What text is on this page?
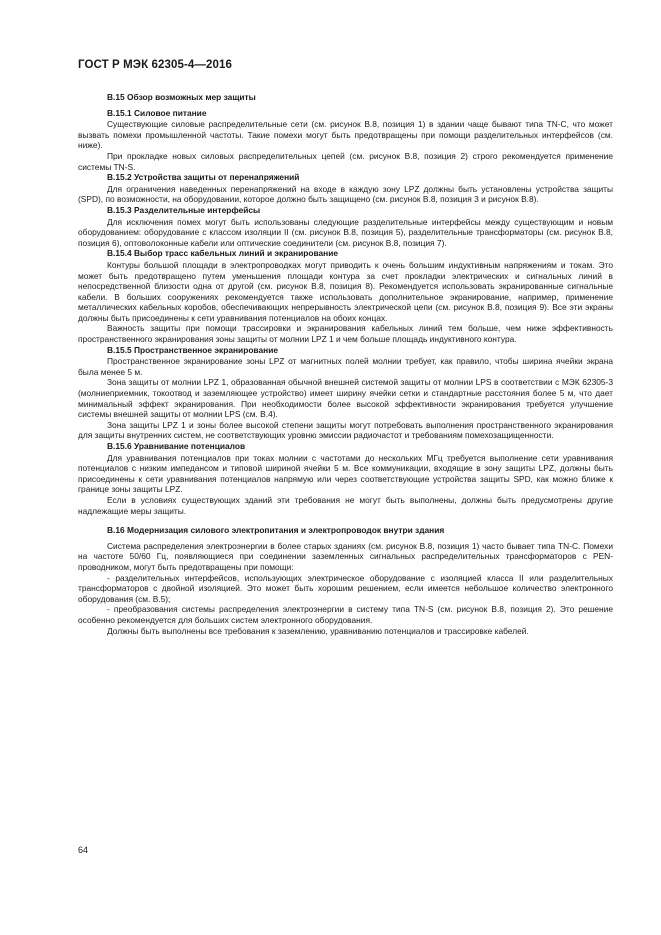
ГОСТ Р МЭК 62305-4—2016
B.15 Обзор возможных мер защиты
B.15.1 Силовое питание

Существующие силовые распределительные сети (см. рисунок B.8, позиция 1) в здании чаще бывают типа TN-C, что может вызвать помехи промышленной частоты. Такие помехи могут быть предотвращены при помощи разделительных интерфейсов (см. ниже).

При прокладке новых силовых распределительных цепей (см. рисунок B.8, позиция 2) строго рекомендуется применение системы TN-S.

B.15.2 Устройства защиты от перенапряжений

Для ограничения наведенных перенапряжений на входе в каждую зону LPZ должны быть установлены устройства защиты (SPD), по возможности, на оборудовании, которое должно быть защищено (см. рисунок B.8, позиция 3 и рисунок B.8).

B.15.3 Разделительные интерфейсы

Для исключения помех могут быть использованы следующие разделительные интерфейсы между существующим и новым оборудованием: оборудование с классом изоляции II (см. рисунок B.8, позиция 5), разделительные трансформаторы (см. рисунок B.8, позиция 6), оптоволоконные кабели или оптические соединители (см. рисунок B.8, позиция 7).

B.15.4 Выбор трасс кабельных линий и экранирование

Контуры большой площади в электропроводках могут приводить к очень большим индуктивным напряжениям и токам. Это может быть предотвращено путем уменьшения площади контура за счет прокладки электрических и сигнальных линий в непосредственной близости одна от другой (см. рисунок B.8, позиция 8). Рекомендуется использовать экранированные сигнальные кабели. В больших сооружениях рекомендуется также использовать дополнительное экранирование, например, применение металлических кабельных коробов, обеспечивающих непрерывность электрической цепи (см. рисунок B.8, позиция 9). Все эти экраны должны быть присоединены к сети уравнивания потенциалов на обоих концах.

Важность защиты при помощи трассировки и экранирования кабельных линий тем больше, чем ниже эффективность пространственного экранирования зоны защиты от молнии LPZ 1 и чем больше площадь индуктивного контура.

B.15.5 Пространственное экранирование

Пространственное экранирование зоны LPZ от магнитных полей молнии требует, как правило, чтобы ширина ячейки экрана была менее 5 м.

Зона защиты от молнии LPZ 1, образованная обычной внешней системой защиты от молнии LPS в соответствии с МЭК 62305-3 (молниеприемник, токоотвод и заземляющее устройство) имеет ширину ячейки сетки и стандартные расстояния более 5 м, что дает минимальный эффект экранирования. При необходимости более высокой эффективности экранирования требуется улучшение системы внешней защиты от молнии LPS (см. B.4).

Зона защиты LPZ 1 и зоны более высокой степени защиты могут потребовать выполнения пространственного экранирования для защиты внутренних систем, не соответствующих уровню эмиссии радиочастот и требованиям помехозащищенности.

B.15.6 Уравнивание потенциалов

Для уравнивания потенциалов при токах молнии с частотами до нескольких МГц требуется выполнение сети уравнивания потенциалов с низким импедансом и типовой шириной ячейки 5 м. Все коммуникации, входящие в зону защиты LPZ, должны быть присоединены к сети уравнивания потенциалов напрямую или через соответствующие устройства защиты SPD, как можно ближе к границе зоны защиты LPZ.

Если в условиях существующих зданий эти требования не могут быть выполнены, должны быть предусмотрены другие надлежащие меры защиты.

B.16 Модернизация силового электропитания и электропроводок внутри здания

Система распределения электроэнергии в более старых зданиях (см. рисунок B.8, позиция 1) часто бывает типа TN-C. Помехи на частоте 50/60 Гц, появляющиеся при соединении заземленных сигнальных распределительных трансформаторов с PEN-проводником, могут быть предотвращены при помощи:

- разделительных интерфейсов, использующих электрическое оборудование с изоляцией класса II или разделительных трансформаторов с двойной изоляцией. Это может быть хорошим решением, если имеется небольшое количество электронного оборудования (см. B.5);

- преобразования системы распределения электроэнергии в систему типа TN-S (см. рисунок B.8, позиция 2). Это решение особенно рекомендуется для больших систем электронного оборудования.

Должны быть выполнены все требования к заземлению, уравниванию потенциалов и трассировке кабелей.

64
